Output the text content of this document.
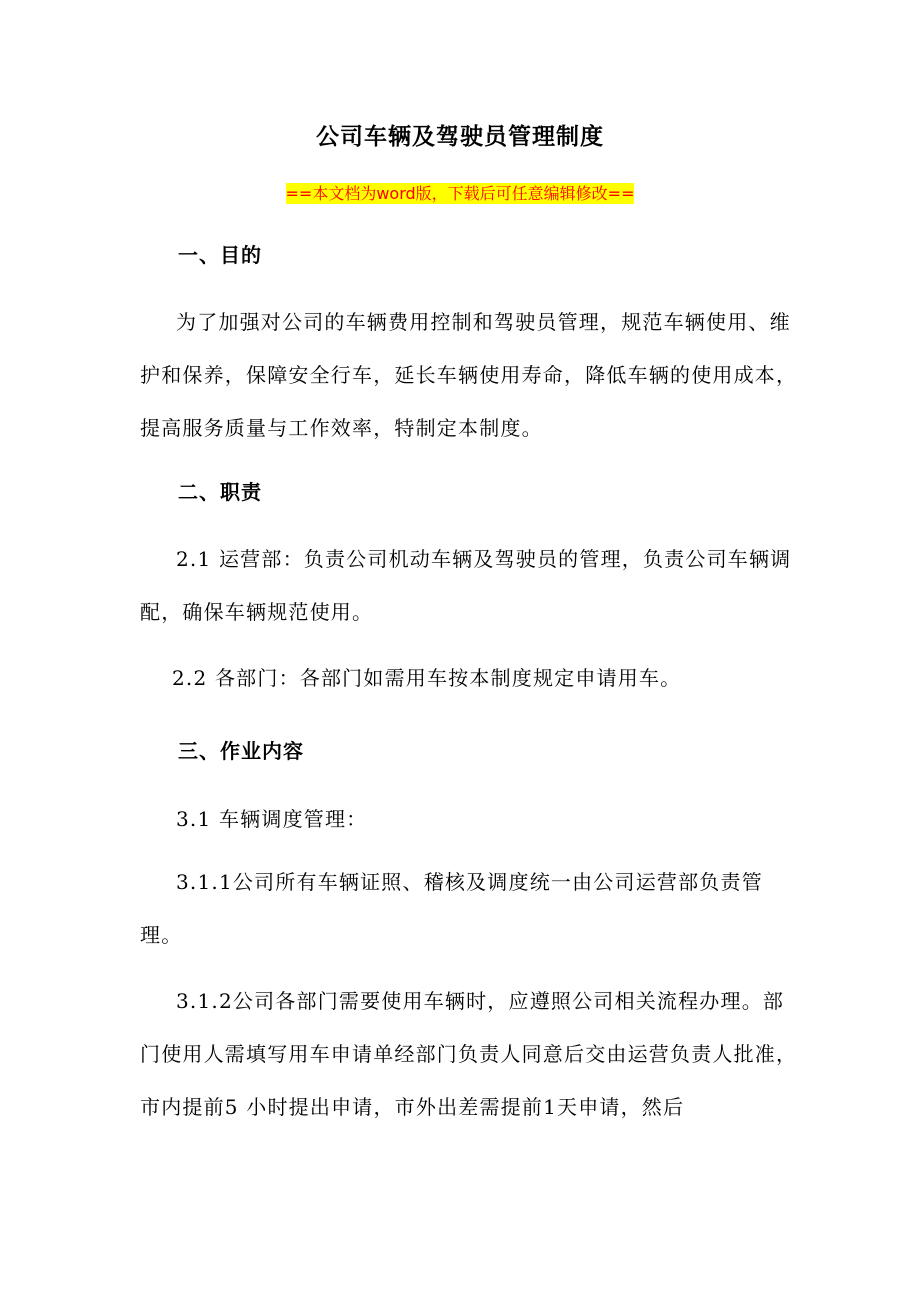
公司车辆及驾驶员管理制度
==本文档为word版，下载后可任意编辑修改==
一、目的
为了加强对公司的车辆费用控制和驾驶员管理，规范车辆使用、维护和保养，保障安全行车，延长车辆使用寿命，降低车辆的使用成本，提高服务质量与工作效率，特制定本制度。
二、职责
2.1 运营部：负责公司机动车辆及驾驶员的管理，负责公司车辆调配，确保车辆规范使用。
2.2 各部门：各部门如需用车按本制度规定申请用车。
三、作业内容
3.1 车辆调度管理：
3.1.1公司所有车辆证照、稽核及调度统一由公司运营部负责管理。
3.1.2公司各部门需要使用车辆时，应遵照公司相关流程办理。部门使用人需填写用车申请单经部门负责人同意后交由运营负责人批准，市内提前5 小时提出申请，市外出差需提前1天申请，然后
